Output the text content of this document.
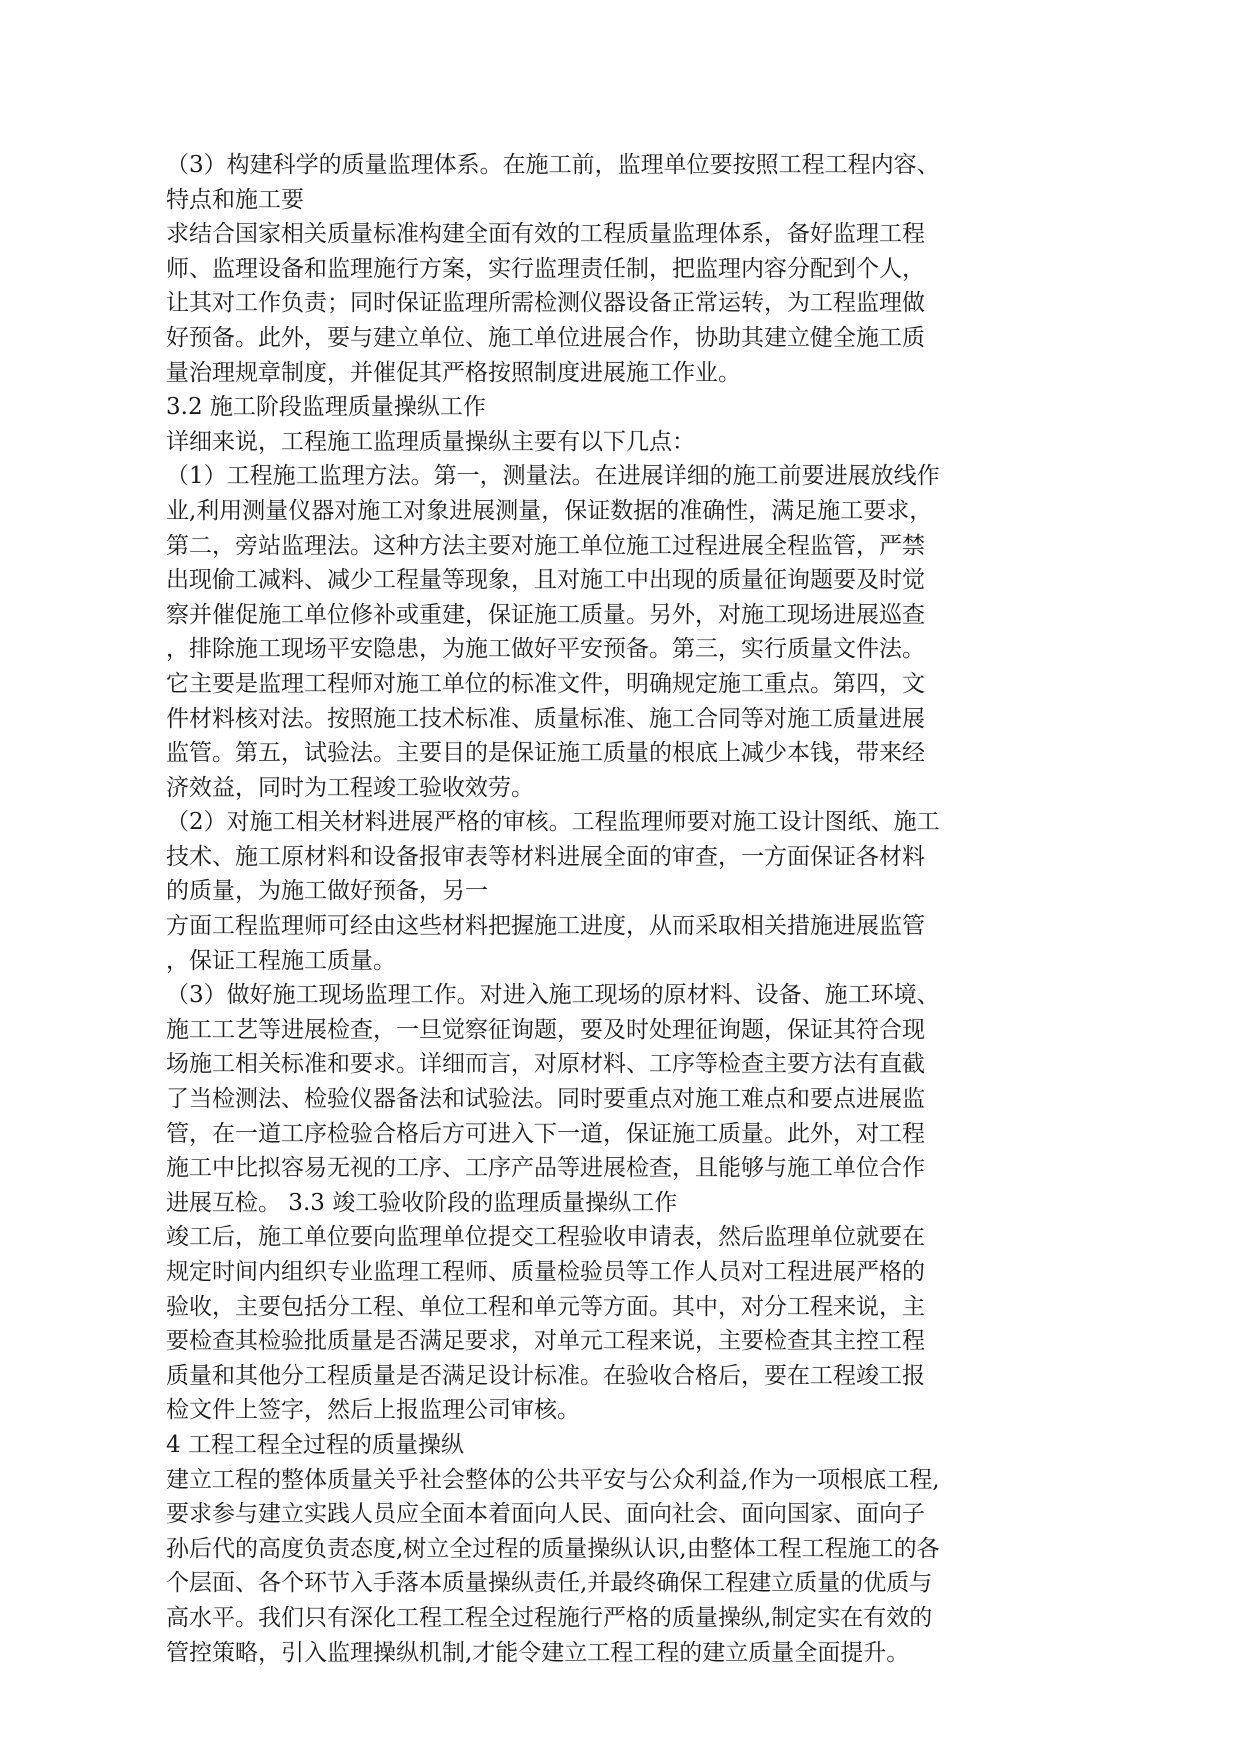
（3）构建科学的质量监理体系。在施工前，监理单位要按照工程工程内容、
特点和施工要
求结合国家相关质量标准构建全面有效的工程质量监理体系，备好监理工程
师、监理设备和监理施行方案，实行监理责任制，把监理内容分配到个人，
让其对工作负责；同时保证监理所需检测仪器设备正常运转，为工程监理做
好预备。此外，要与建立单位、施工单位进展合作，协助其建立健全施工质
量治理规章制度，并催促其严格按照制度进展施工作业。
3.2 施工阶段监理质量操纵工作
详细来说，工程施工监理质量操纵主要有以下几点：
（1）工程施工监理方法。第一，测量法。在进展详细的施工前要进展放线作
业,利用测量仪器对施工对象进展测量，保证数据的准确性，满足施工要求，
第二，旁站监理法。这种方法主要对施工单位施工过程进展全程监管，严禁
出现偷工减料、减少工程量等现象，且对施工中出现的质量征询题要及时觉
察并催促施工单位修补或重建，保证施工质量。另外，对施工现场进展巡查
，排除施工现场平安隐患，为施工做好平安预备。第三，实行质量文件法。
它主要是监理工程师对施工单位的标准文件，明确规定施工重点。第四，文
件材料核对法。按照施工技术标准、质量标准、施工合同等对施工质量进展
监管。第五，试验法。主要目的是保证施工质量的根底上减少本钱，带来经
济效益，同时为工程竣工验收效劳。
（2）对施工相关材料进展严格的审核。工程监理师要对施工设计图纸、施工
技术、施工原材料和设备报审表等材料进展全面的审查，一方面保证各材料
的质量，为施工做好预备，另一
方面工程监理师可经由这些材料把握施工进度，从而采取相关措施进展监管
，保证工程施工质量。
（3）做好施工现场监理工作。对进入施工现场的原材料、设备、施工环境、
施工工艺等进展检查，一旦觉察征询题，要及时处理征询题，保证其符合现
场施工相关标准和要求。详细而言，对原材料、工序等检查主要方法有直截
了当检测法、检验仪器备法和试验法。同时要重点对施工难点和要点进展监
管，在一道工序检验合格后方可进入下一道，保证施工质量。此外，对工程
施工中比拟容易无视的工序、工序产品等进展检查，且能够与施工单位合作
进展互检。 3.3 竣工验收阶段的监理质量操纵工作
竣工后，施工单位要向监理单位提交工程验收申请表，然后监理单位就要在
规定时间内组织专业监理工程师、质量检验员等工作人员对工程进展严格的
验收，主要包括分工程、单位工程和单元等方面。其中，对分工程来说，主
要检查其检验批质量是否满足要求，对单元工程来说，主要检查其主控工程
质量和其他分工程质量是否满足设计标准。在验收合格后，要在工程竣工报
检文件上签字，然后上报监理公司审核。
4 工程工程全过程的质量操纵
建立工程的整体质量关乎社会整体的公共平安与公众利益,作为一项根底工程,
要求参与建立实践人员应全面本着面向人民、面向社会、面向国家、面向子
孙后代的高度负责态度,树立全过程的质量操纵认识,由整体工程工程施工的各
个层面、各个环节入手落本质量操纵责任,并最终确保工程建立质量的优质与
高水平。我们只有深化工程工程全过程施行严格的质量操纵,制定实在有效的
管控策略，引入监理操纵机制,才能令建立工程工程的建立质量全面提升。
